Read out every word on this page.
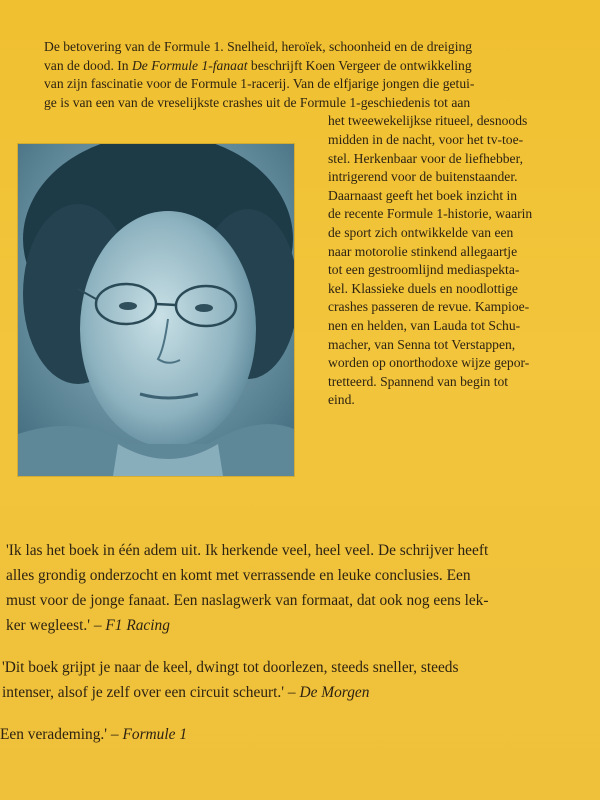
De betovering van de Formule 1. Snelheid, heroïek, schoonheid en de dreiging
van de dood. In De Formule 1-fanaat beschrijft Koen Vergeer de ontwikkeling
van zijn fascinatie voor de Formule 1-racerij. Van de elfjarige jongen die getui-
ge is van een van de vreselijkste crashes uit de Formule 1-geschiedenis tot aan
het tweewekelijkse ritueel, desnoods
midden in de nacht, voor het tv-toe-
stel. Herkenbaar voor de liefhebber,
intrigerend voor de buitenstaander.
Daarnaast geeft het boek inzicht in
de recente Formule 1-historie, waarin
de sport zich ontwikkelde van een
naar motorolie stinkend allegaartje
tot een gestroomlijnd mediaspekta-
kel. Klassieke duels en noodlottige
crashes passeren de revue. Kampioe-
nen en helden, van Lauda tot Schu-
macher, van Senna tot Verstappen,
worden op onorthodoxe wijze gepor-
tretteerd. Spannend van begin tot
eind.
'Ik las het boek in één adem uit. Ik herkende veel, heel veel. De schrijver heeft
alles grondig onderzocht en komt met verrassende en leuke conclusies. Een
must voor de jonge fanaat. Een naslagwerk van formaat, dat ook nog eens lek-
ker wegleest.' – F1 Racing
'Dit boek grijpt je naar de keel, dwingt tot doorlezen, steeds sneller, steeds
intenser, alsof je zelf over een circuit scheurt.' – De Morgen
Een verademing.' – Formule 1
